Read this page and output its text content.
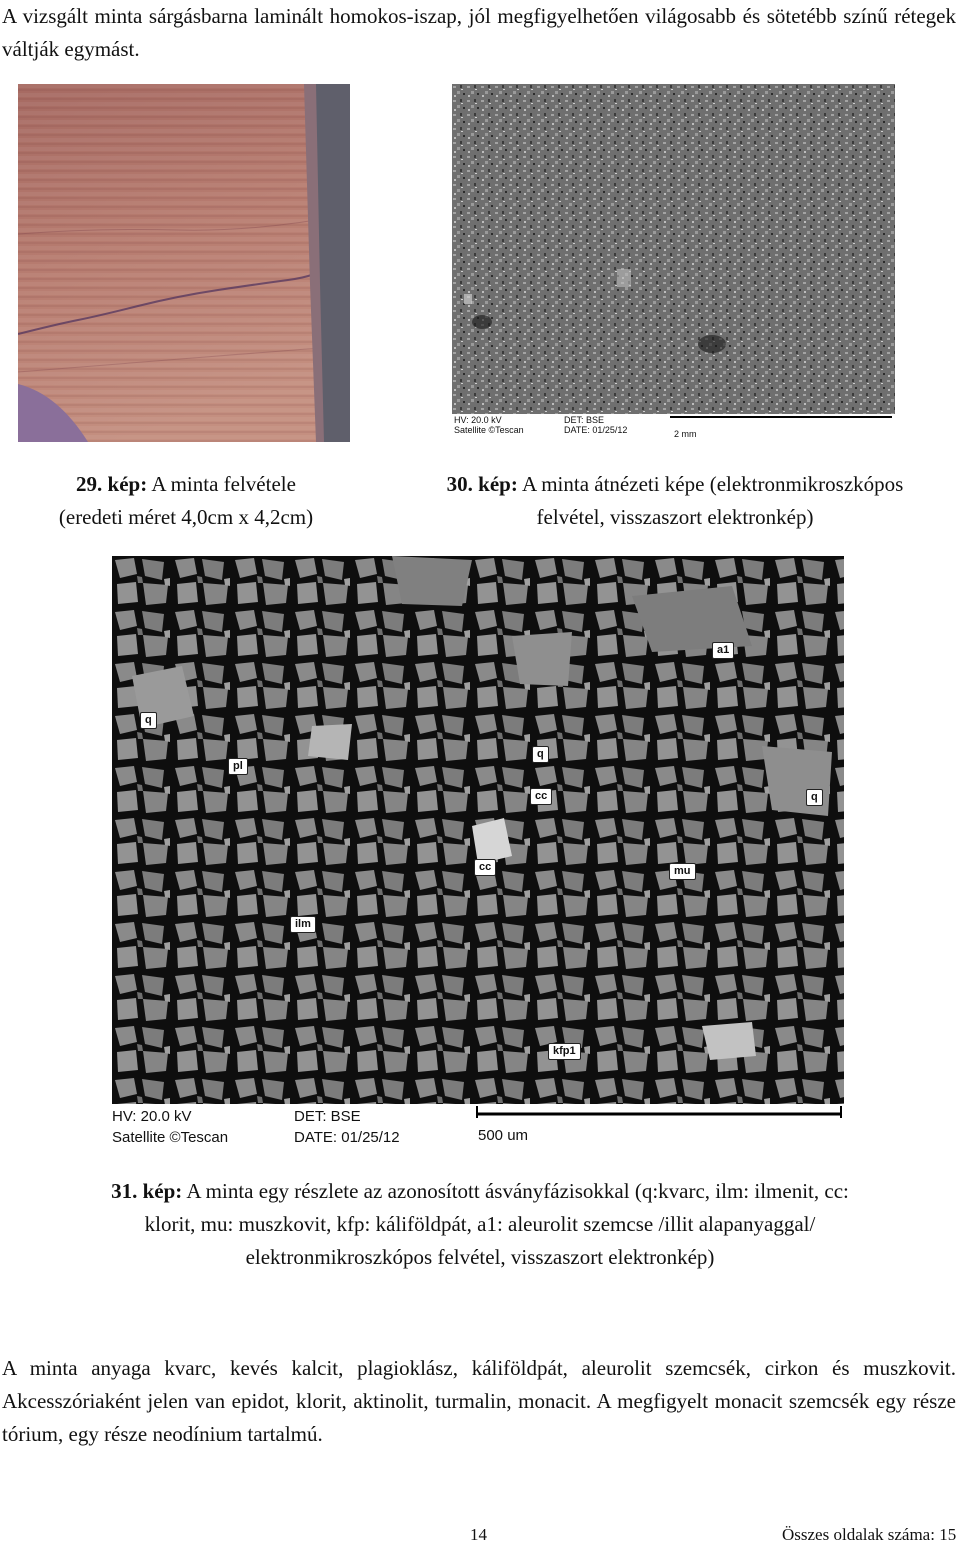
A vizsgált minta sárgásbarna laminált homokos-iszap, jól megfigyelhetően világosabb és sötetébb színű rétegek váltják egymást.
HV: 20.0 kV
Satellite ©Tescan
DET: BSE
DATE: 01/25/12	2 mm
29. kép: A minta felvétele
(eredeti méret 4,0cm x 4,2cm)
30. kép: A minta átnézeti képe (elektronmikroszkópos
felvétel, visszaszort elektronkép)
HV: 20.0 kV
Satellite ©Tescan
DET: BSE
DATE: 01/25/12	500 um
q
pl
q
cc
a1
q
cc	mu
ilm
kfp1
31. kép: A minta egy részlete az azonosított ásványfázisokkal (q:kvarc, ilm: ilmenit, cc:
klorit, mu: muszkovit, kfp: káliföldpát, a1: aleurolit szemcse /illit alapanyaggal/
elektronmikroszkópos felvétel, visszaszort elektronkép)
A minta anyaga kvarc, kevés kalcit, plagioklász, káliföldpát, aleurolit szemcsék, cirkon és muszkovit. Akcesszóriaként jelen van epidot, klorit, aktinolit, turmalin, monacit. A megfigyelt monacit szemcsék egy része tórium, egy része neodínium tartalmú.
14	Összes oldalak száma: 15
